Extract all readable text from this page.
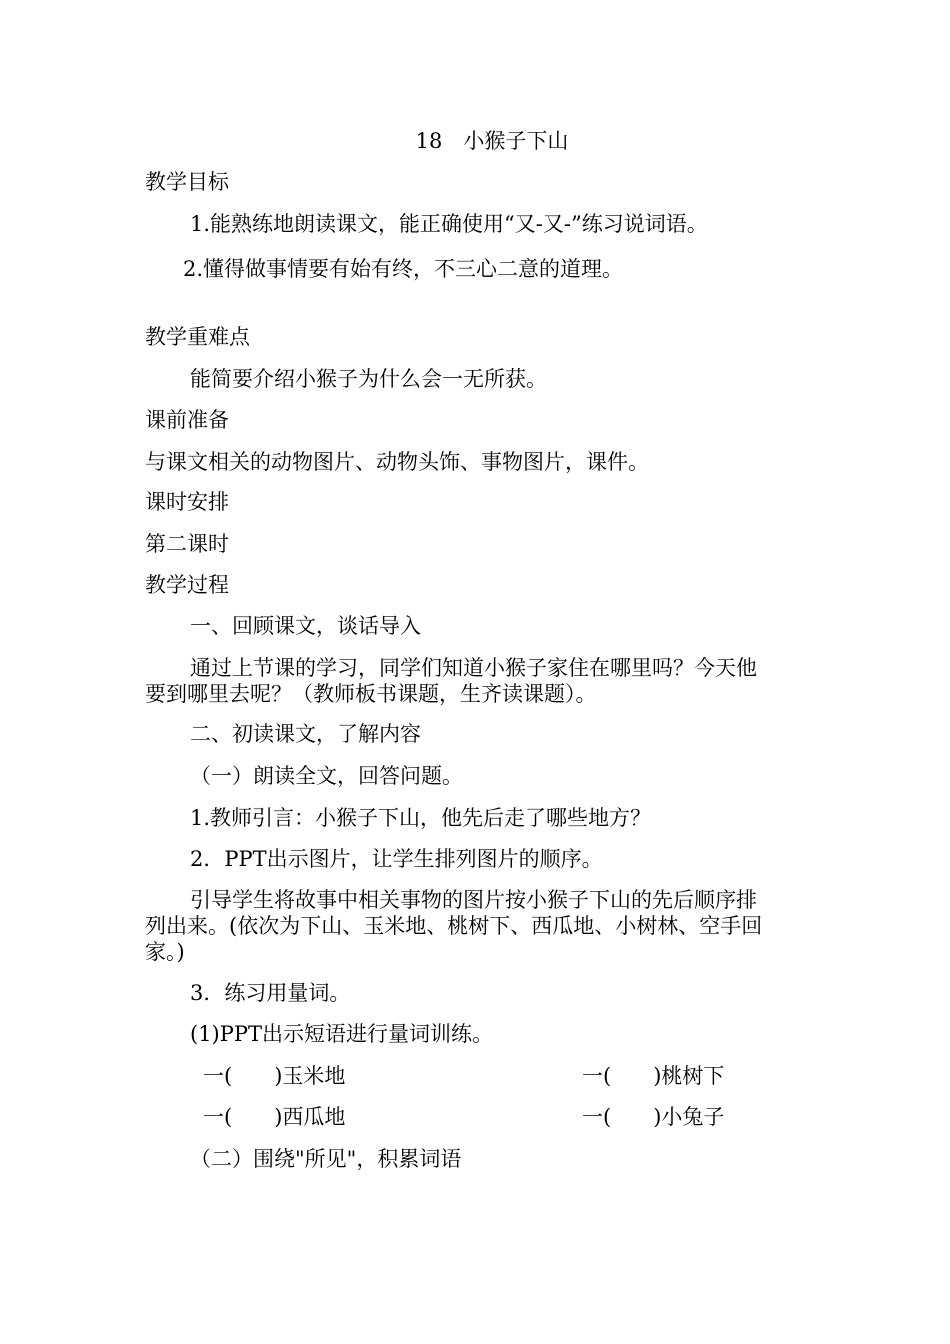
18　小猴子下山
教学目标
1.能熟练地朗读课文，能正确使用“又-又-”练习说词语。
2.懂得做事情要有始有终，不三心二意的道理。
教学重难点
能简要介绍小猴子为什么会一无所获。
课前准备
与课文相关的动物图片、动物头饰、事物图片，课件。
课时安排
第二课时
教学过程
一、回顾课文，谈话导入
通过上节课的学习，同学们知道小猴子家住在哪里吗？今天他
要到哪里去呢？（教师板书课题，生齐读课题）。
二、初读课文，了解内容
（一）朗读全文，回答问题。
1.教师引言：小猴子下山，他先后走了哪些地方？
2．PPT出示图片，让学生排列图片的顺序。
引导学生将故事中相关事物的图片按小猴子下山的先后顺序排
列出来。(依次为下山、玉米地、桃树下、西瓜地、小树林、空手回
家。)
3．练习用量词。
(1)PPT出示短语进行量词训练。
一(　　)玉米地	一(　　)桃树下
一(　　)西瓜地	一(　　)小兔子
（二）围绕"所见"，积累词语
